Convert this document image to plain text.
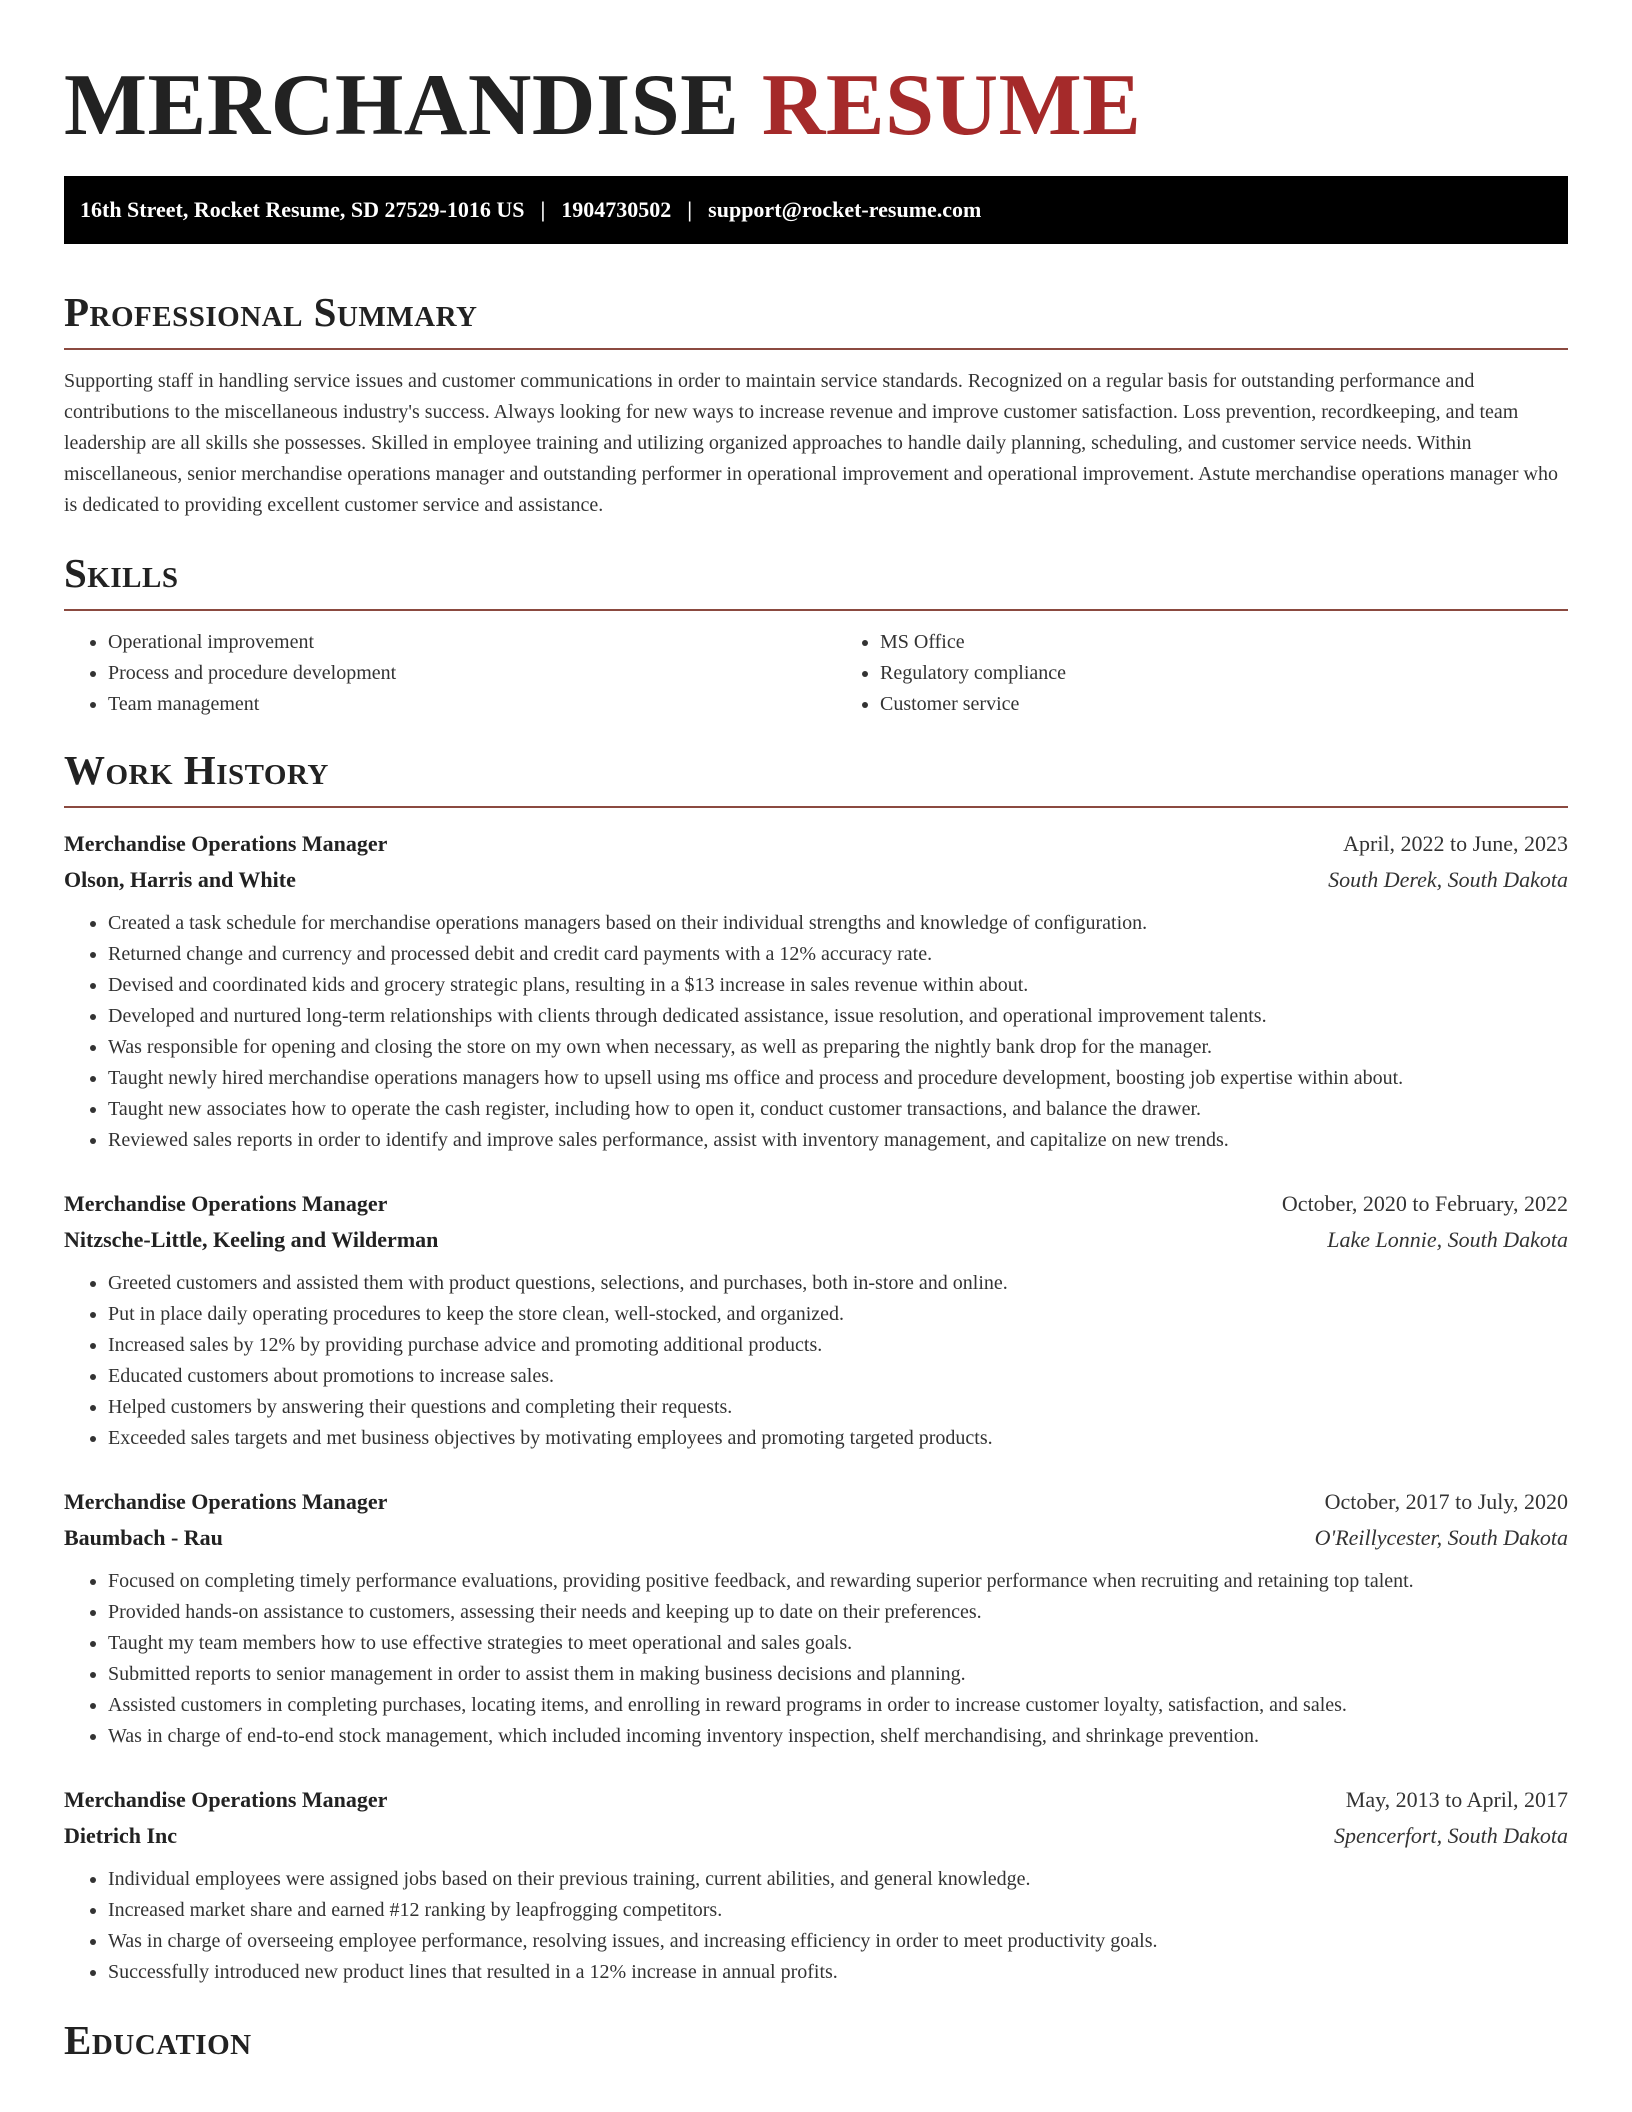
MERCHANDISE RESUME
16th Street, Rocket Resume, SD 27529-1016 US | 1904730502 | support@rocket-resume.com
Professional Summary

Supporting staff in handling service issues and customer communications in order to maintain service standards. Recognized on a regular basis for outstanding performance and contributions to the miscellaneous industry's success. Always looking for new ways to increase revenue and improve customer satisfaction. Loss prevention, recordkeeping, and team leadership are all skills she possesses. Skilled in employee training and utilizing organized approaches to handle daily planning, scheduling, and customer service needs. Within miscellaneous, senior merchandise operations manager and outstanding performer in operational improvement and operational improvement. Astute merchandise operations manager who is dedicated to providing excellent customer service and assistance.

Skills
• Operational improvement
• Process and procedure development
• Team management
• MS Office
• Regulatory compliance
• Customer service
Work History
Merchandise Operations Manager	April, 2022 to June, 2023
Olson, Harris and White	South Derek, South Dakota
• Created a task schedule for merchandise operations managers based on their individual strengths and knowledge of configuration.
• Returned change and currency and processed debit and credit card payments with a 12% accuracy rate.
• Devised and coordinated kids and grocery strategic plans, resulting in a $13 increase in sales revenue within about.
• Developed and nurtured long-term relationships with clients through dedicated assistance, issue resolution, and operational improvement talents.
• Was responsible for opening and closing the store on my own when necessary, as well as preparing the nightly bank drop for the manager.
• Taught newly hired merchandise operations managers how to upsell using ms office and process and procedure development, boosting job expertise within about.
• Taught new associates how to operate the cash register, including how to open it, conduct customer transactions, and balance the drawer.
• Reviewed sales reports in order to identify and improve sales performance, assist with inventory management, and capitalize on new trends.
Merchandise Operations Manager	October, 2020 to February, 2022
Nitzsche-Little, Keeling and Wilderman	Lake Lonnie, South Dakota
• Greeted customers and assisted them with product questions, selections, and purchases, both in-store and online.
• Put in place daily operating procedures to keep the store clean, well-stocked, and organized.
• Increased sales by 12% by providing purchase advice and promoting additional products.
• Educated customers about promotions to increase sales.
• Helped customers by answering their questions and completing their requests.
• Exceeded sales targets and met business objectives by motivating employees and promoting targeted products.
Merchandise Operations Manager	October, 2017 to July, 2020
Baumbach - Rau	O'Reillycester, South Dakota
• Focused on completing timely performance evaluations, providing positive feedback, and rewarding superior performance when recruiting and retaining top talent.
• Provided hands-on assistance to customers, assessing their needs and keeping up to date on their preferences.
• Taught my team members how to use effective strategies to meet operational and sales goals.
• Submitted reports to senior management in order to assist them in making business decisions and planning.
• Assisted customers in completing purchases, locating items, and enrolling in reward programs in order to increase customer loyalty, satisfaction, and sales.
• Was in charge of end-to-end stock management, which included incoming inventory inspection, shelf merchandising, and shrinkage prevention.
Merchandise Operations Manager	May, 2013 to April, 2017
Dietrich Inc	Spencerfort, South Dakota
• Individual employees were assigned jobs based on their previous training, current abilities, and general knowledge.
• Increased market share and earned #12 ranking by leapfrogging competitors.
• Was in charge of overseeing employee performance, resolving issues, and increasing efficiency in order to meet productivity goals.
• Successfully introduced new product lines that resulted in a 12% increase in annual profits.
Education
